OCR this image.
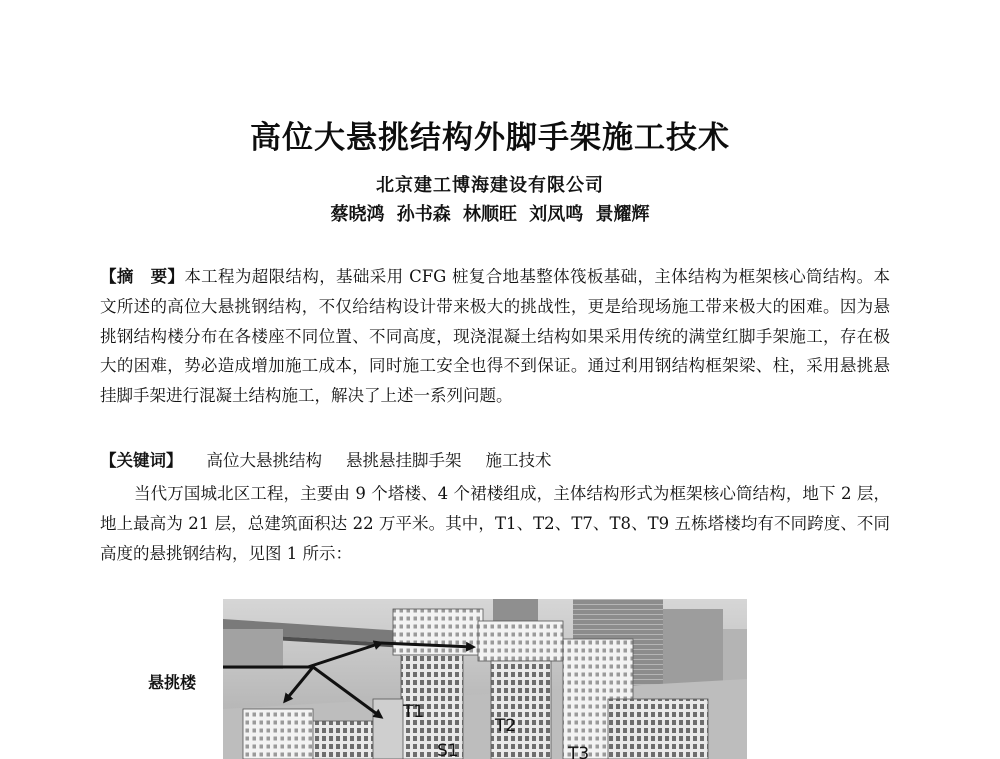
高位大悬挑结构外脚手架施工技术
北京建工博海建设有限公司
蔡晓鸿 孙书森 林顺旺 刘凤鸣 景耀辉
【摘　要】本工程为超限结构，基础采用 CFG 桩复合地基整体筏板基础，主体结构为框架核心筒结构。本文所述的高位大悬挑钢结构，不仅给结构设计带来极大的挑战性，更是给现场施工带来极大的困难。因为悬挑钢结构楼分布在各楼座不同位置、不同高度，现浇混凝土结构如果采用传统的满堂红脚手架施工，存在极大的困难，势必造成增加施工成本，同时施工安全也得不到保证。通过利用钢结构框架梁、柱，采用悬挑悬挂脚手架进行混凝土结构施工，解决了上述一系列问题。
【关键词】 高位大悬挑结构 悬挑悬挂脚手架 施工技术
当代万国城北区工程，主要由 9 个塔楼、4 个裙楼组成，主体结构形式为框架核心筒结构，地下 2 层，地上最高为 21 层，总建筑面积达 22 万平米。其中，T1、T2、T7、T8、T9 五栋塔楼均有不同跨度、不同高度的悬挑钢结构，见图 1 所示：
悬挑楼
T1
T2
S1	T3
